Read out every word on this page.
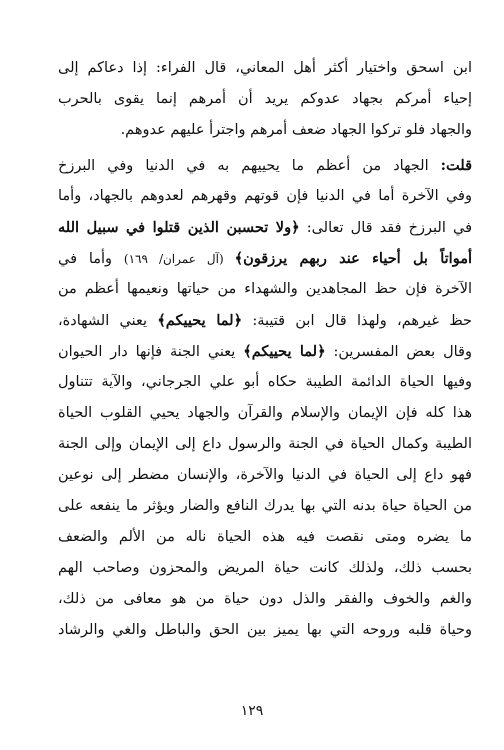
ابن اسحق واختيار أكثر أهل المعاني، قال الفراء: إذا دعاكم إلى
إحياء أمركم بجهاد عدوكم يريد أن أمرهم إنما يقوى بالحرب
والجهاد فلو تركوا الجهاد ضعف أمرهم واجترأ عليهم عدوهم.
قلت: الجهاد من أعظم ما يحييهم به في الدنيا وفي البرزخ
وفي الآخرة أما في الدنيا فإن قوتهم وقهرهم لعدوهم بالجهاد، وأما
في البرزخ فقد قال تعالى: ﴿ولا تحسبن الذين قتلوا في سبيل الله
أمواتاً بل أحياء عند ربهم يرزقون﴾ (آل عمران/ ١٦٩) وأما في
الآخرة فإن حظ المجاهدين والشهداء من حياتها ونعيمها أعظم من
حظ غيرهم، ولهذا قال ابن قتيبة: ﴿لما يحييكم﴾ يعني الشهادة،
وقال بعض المفسرين: ﴿لما يحييكم﴾ يعني الجنة فإنها دار الحيوان
وفيها الحياة الدائمة الطيبة حكاه أبو علي الجرجاني، والآية تتناول
هذا كله فإن الإيمان والإسلام والقرآن والجهاد يحيي القلوب الحياة
الطيبة وكمال الحياة في الجنة والرسول داع إلى الإيمان وإلى الجنة
فهو داع إلى الحياة في الدنيا والآخرة، والإنسان مضطر إلى نوعين
من الحياة حياة بدنه التي بها يدرك النافع والضار ويؤثر ما ينفعه على
ما يضره ومتى نقصت فيه هذه الحياة ناله من الألم والضعف
بحسب ذلك، ولذلك كانت حياة المريض والمحزون وصاحب الهم
والغم والخوف والفقر والذل دون حياة من هو معافى من ذلك،
وحياة قلبه وروحه التي بها يميز بين الحق والباطل والغي والرشاد
١٢٩
